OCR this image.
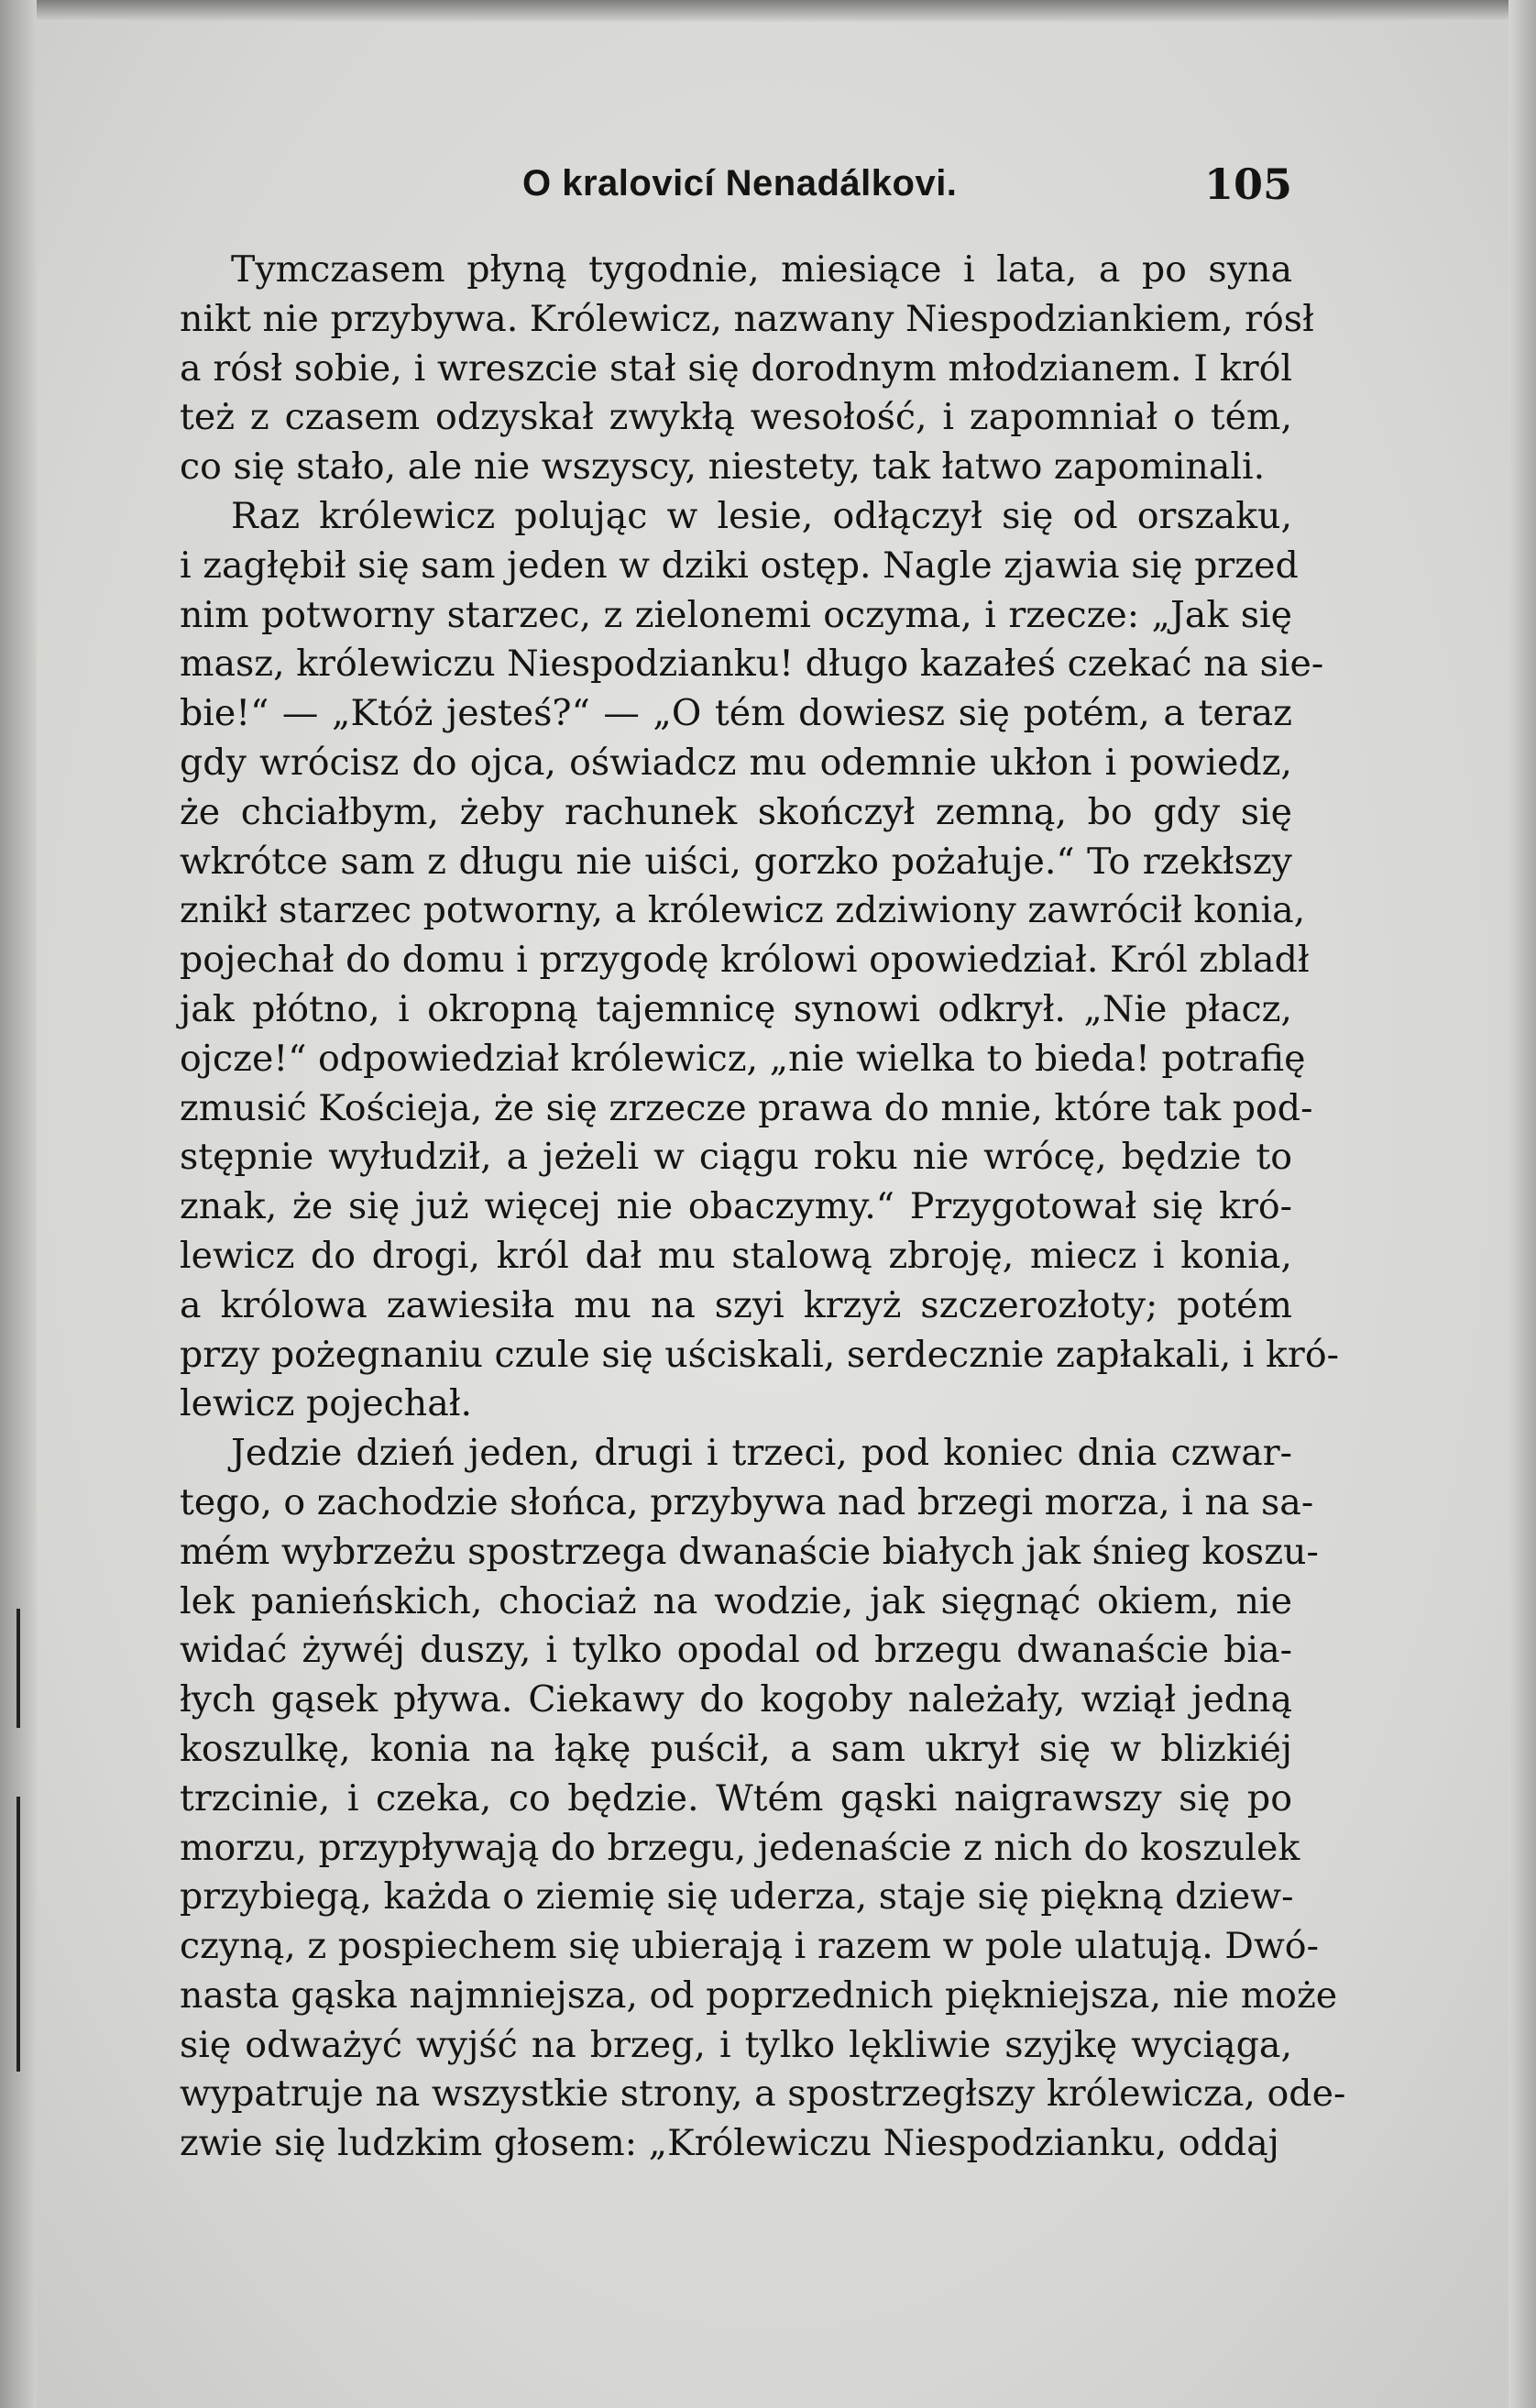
O kralovicí Nenadálkovi.	105
Tymczasem płyną tygodnie, miesiące i lata, a po syna
nikt nie przybywa. Królewicz, nazwany Niespodziankiem, rósł
a rósł sobie, i wreszcie stał się dorodnym młodzianem. I król
też z czasem odzyskał zwykłą wesołość, i zapomniał o tém,
co się stało, ale nie wszyscy, niestety, tak łatwo zapominali.
Raz królewicz polując w lesie, odłączył się od orszaku,
i zagłębił się sam jeden w dziki ostęp. Nagle zjawia się przed
nim potworny starzec, z zielonemi oczyma, i rzecze: „Jak się
masz, królewiczu Niespodzianku! długo kazałeś czekać na sie-
bie!“ — „Któż jesteś?“ — „O tém dowiesz się potém, a teraz
gdy wrócisz do ojca, oświadcz mu odemnie ukłon i powiedz,
że chciałbym, żeby rachunek skończył zemną, bo gdy się
wkrótce sam z długu nie uiści, gorzko pożałuje.“ To rzekłszy
znikł starzec potworny, a królewicz zdziwiony zawrócił konia,
pojechał do domu i przygodę królowi opowiedział. Król zbladł
jak płótno, i okropną tajemnicę synowi odkrył. „Nie płacz,
ojcze!“ odpowiedział królewicz, „nie wielka to bieda! potrafię
zmusić Kościeja, że się zrzecze prawa do mnie, które tak pod-
stępnie wyłudził, a jeżeli w ciągu roku nie wrócę, będzie to
znak, że się już więcej nie obaczymy.“ Przygotował się kró-
lewicz do drogi, król dał mu stalową zbroję, miecz i konia,
a królowa zawiesiła mu na szyi krzyż szczerozłoty; potém
przy pożegnaniu czule się uściskali, serdecznie zapłakali, i kró-
lewicz pojechał.
Jedzie dzień jeden, drugi i trzeci, pod koniec dnia czwar-
tego, o zachodzie słońca, przybywa nad brzegi morza, i na sa-
mém wybrzeżu spostrzega dwanaście białych jak śnieg koszu-
lek panieńskich, chociaż na wodzie, jak sięgnąć okiem, nie
widać żywéj duszy, i tylko opodal od brzegu dwanaście bia-
łych gąsek pływa. Ciekawy do kogoby należały, wziął jedną
koszulkę, konia na łąkę puścił, a sam ukrył się w blizkiéj
trzcinie, i czeka, co będzie. Wtém gąski naigrawszy się po
morzu, przypływają do brzegu, jedenaście z nich do koszulek
przybiegą, każda o ziemię się uderza, staje się piękną dziew-
czyną, z pospiechem się ubierają i razem w pole ulatują. Dwó-
nasta gąska najmniejsza, od poprzednich piękniejsza, nie może
się odważyć wyjść na brzeg, i tylko lękliwie szyjkę wyciąga,
wypatruje na wszystkie strony, a spostrzegłszy królewicza, ode-
zwie się ludzkim głosem: „Królewiczu Niespodzianku, oddaj
